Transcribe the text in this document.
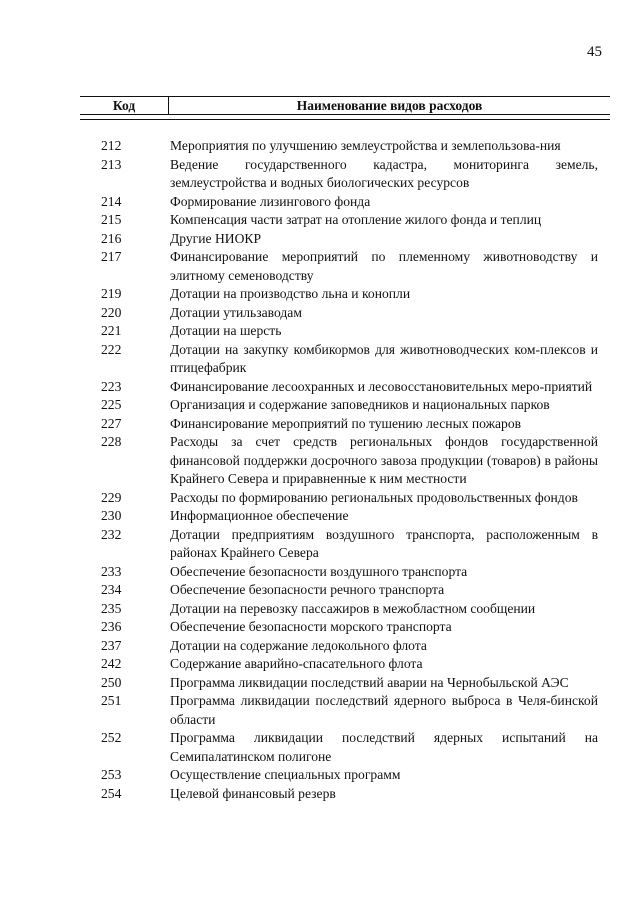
45
Код	Наименование видов расходов
212	Мероприятия по улучшению землеустройства и землепользова-ния
213	Ведение государственного кадастра, мониторинга земель, землеустройства и водных биологических ресурсов
214	Формирование лизингового фонда
215	Компенсация части затрат на отопление жилого фонда и теплиц
216	Другие НИОКР
217	Финансирование мероприятий по племенному животноводству и элитному семеноводству
219	Дотации на производство льна и конопли
220	Дотации утильзаводам
221	Дотации на шерсть
222	Дотации на закупку комбикормов для животноводческих ком-плексов и птицефабрик
223	Финансирование лесоохранных и лесовосстановительных меро-приятий
225	Организация и содержание заповедников и национальных парков
227	Финансирование мероприятий по тушению лесных пожаров
228	Расходы за счет средств региональных фондов государственной финансовой поддержки досрочного завоза продукции (товаров) в районы Крайнего Севера и приравненные к ним местности
229	Расходы по формированию региональных продовольственных фондов
230	Информационное обеспечение
232	Дотации предприятиям воздушного транспорта, расположенным в районах Крайнего Севера
233	Обеспечение безопасности воздушного транспорта
234	Обеспечение безопасности речного транспорта
235	Дотации на перевозку пассажиров в межобластном сообщении
236	Обеспечение безопасности морского транспорта
237	Дотации на содержание ледокольного флота
242	Содержание аварийно-спасательного флота
250	Программа ликвидации последствий аварии на Чернобыльской АЭС
251	Программа ликвидации последствий ядерного выброса в Челя-бинской области
252	Программа ликвидации последствий ядерных испытаний на Семипалатинском полигоне
253	Осуществление специальных программ
254	Целевой финансовый резерв
